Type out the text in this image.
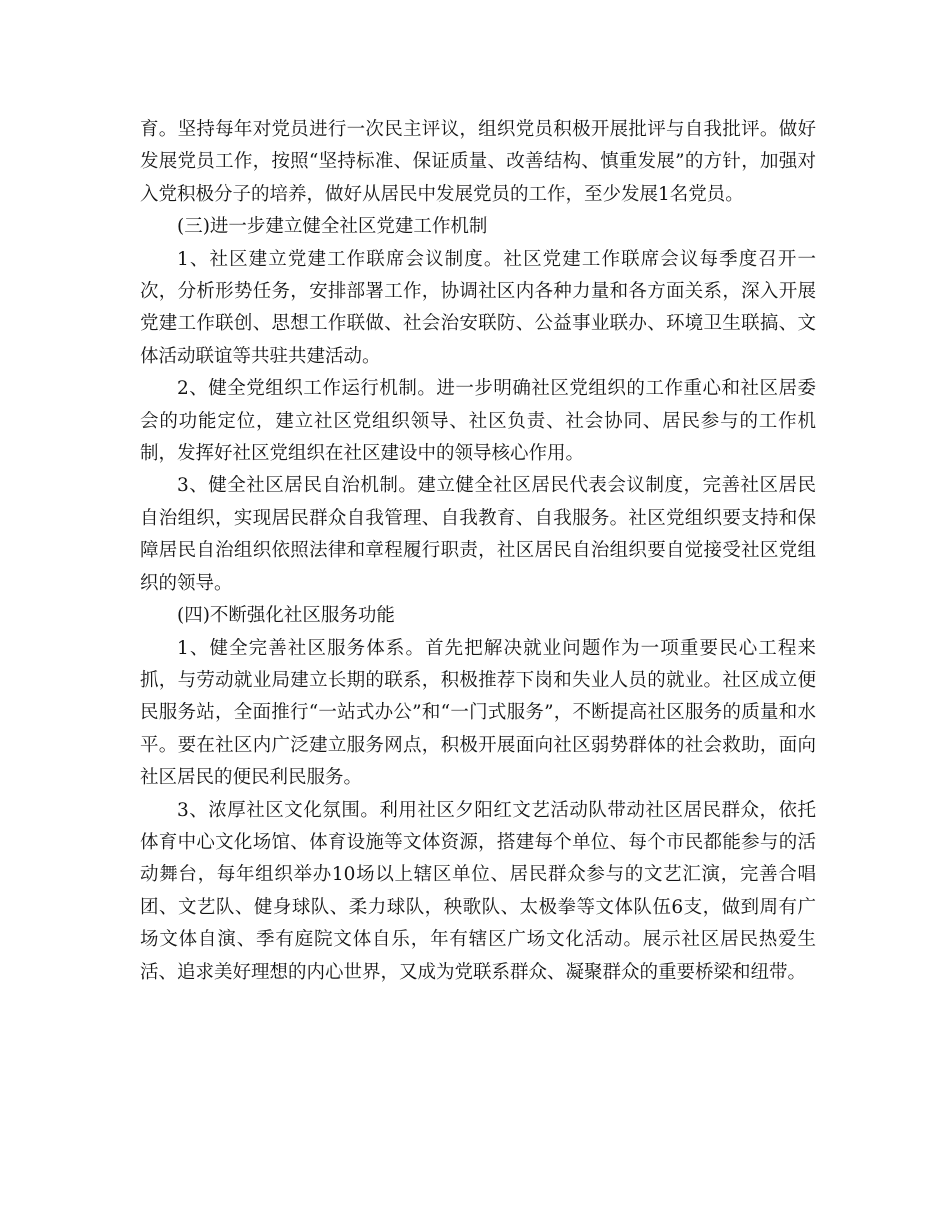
育。坚持每年对党员进行一次民主评议，组织党员积极开展批评与自我批评。做好发展党员工作，按照“坚持标准、保证质量、改善结构、慎重发展”的方针，加强对入党积极分子的培养，做好从居民中发展党员的工作，至少发展1名党员。

(三)进一步建立健全社区党建工作机制

1、社区建立党建工作联席会议制度。社区党建工作联席会议每季度召开一次，分析形势任务，安排部署工作，协调社区内各种力量和各方面关系，深入开展党建工作联创、思想工作联做、社会治安联防、公益事业联办、环境卫生联搞、文体活动联谊等共驻共建活动。

2、健全党组织工作运行机制。进一步明确社区党组织的工作重心和社区居委会的功能定位，建立社区党组织领导、社区负责、社会协同、居民参与的工作机制，发挥好社区党组织在社区建设中的领导核心作用。

3、健全社区居民自治机制。建立健全社区居民代表会议制度，完善社区居民自治组织，实现居民群众自我管理、自我教育、自我服务。社区党组织要支持和保障居民自治组织依照法律和章程履行职责，社区居民自治组织要自觉接受社区党组织的领导。

(四)不断强化社区服务功能

1、健全完善社区服务体系。首先把解决就业问题作为一项重要民心工程来抓，与劳动就业局建立长期的联系，积极推荐下岗和失业人员的就业。社区成立便民服务站，全面推行“一站式办公”和“一门式服务”，不断提高社区服务的质量和水平。要在社区内广泛建立服务网点，积极开展面向社区弱势群体的社会救助，面向社区居民的便民利民服务。

3、浓厚社区文化氛围。利用社区夕阳红文艺活动队带动社区居民群众，依托体育中心文化场馆、体育设施等文体资源，搭建每个单位、每个市民都能参与的活动舞台，每年组织举办10场以上辖区单位、居民群众参与的文艺汇演，完善合唱团、文艺队、健身球队、柔力球队，秧歌队、太极拳等文体队伍6支，做到周有广场文体自演、季有庭院文体自乐，年有辖区广场文化活动。展示社区居民热爱生活、追求美好理想的内心世界，又成为党联系群众、凝聚群众的重要桥梁和纽带。
